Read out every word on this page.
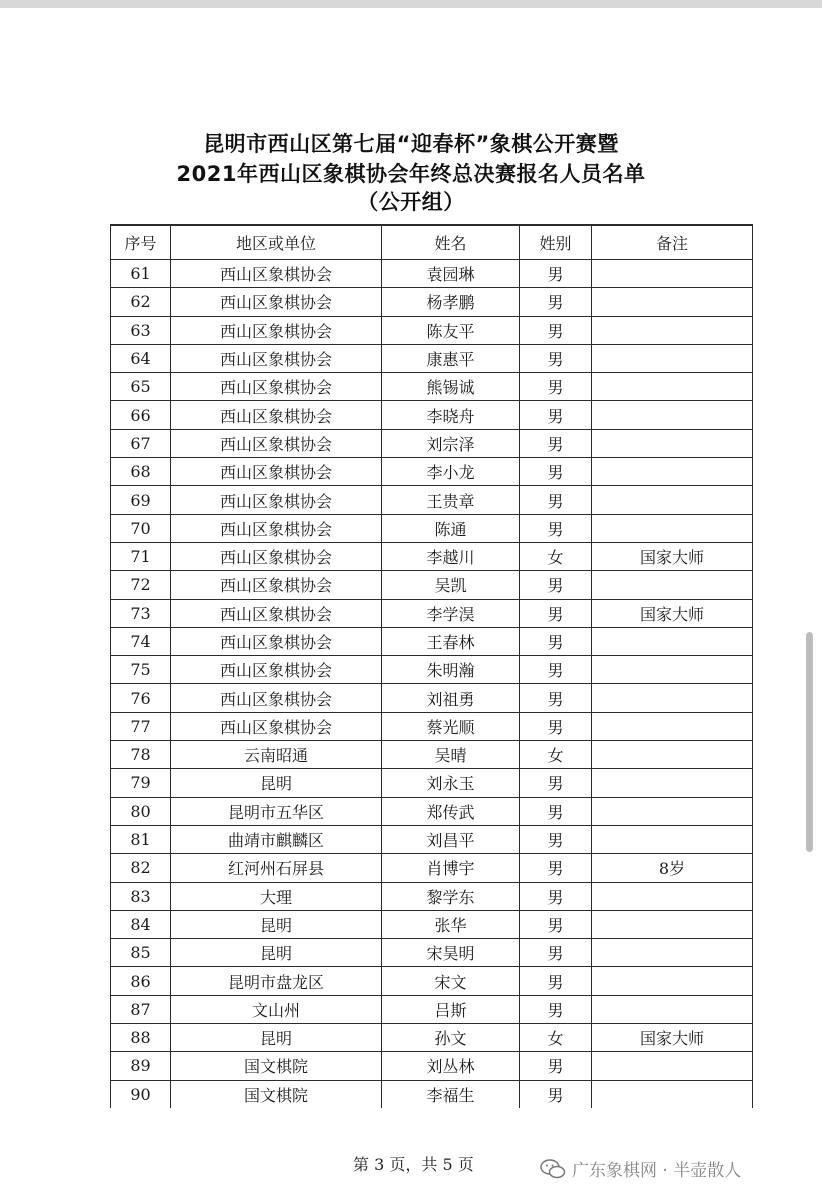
昆明市西山区第七届“迎春杯”象棋公开赛暨
2021年西山区象棋协会年终总决赛报名人员名单
（公开组）
序号	地区或单位	姓名	姓别	备注
61	西山区象棋协会	袁园琳	男	
62	西山区象棋协会	杨孝鹏	男	
63	西山区象棋协会	陈友平	男	
64	西山区象棋协会	康惠平	男	
65	西山区象棋协会	熊锡诚	男	
66	西山区象棋协会	李晓舟	男	
67	西山区象棋协会	刘宗泽	男	
68	西山区象棋协会	李小龙	男	
69	西山区象棋协会	王贵章	男	
70	西山区象棋协会	陈通	男	
71	西山区象棋协会	李越川	女	国家大师
72	西山区象棋协会	吴凯	男	
73	西山区象棋协会	李学淏	男	国家大师
74	西山区象棋协会	王春林	男	
75	西山区象棋协会	朱明瀚	男	
76	西山区象棋协会	刘祖勇	男	
77	西山区象棋协会	蔡光顺	男	
78	云南昭通	吴晴	女	
79	昆明	刘永玉	男	
80	昆明市五华区	郑传武	男	
81	曲靖市麒麟区	刘昌平	男	
82	红河州石屏县	肖博宇	男	8岁
83	大理	黎学东	男	
84	昆明	张华	男	
85	昆明	宋昊明	男	
86	昆明市盘龙区	宋文	男	
87	文山州	吕斯	男	
88	昆明	孙文	女	国家大师
89	国文棋院	刘丛林	男	
90	国文棋院	李福生	男	
第 3 页，共 5 页	广东象棋网 · 半壶散人
